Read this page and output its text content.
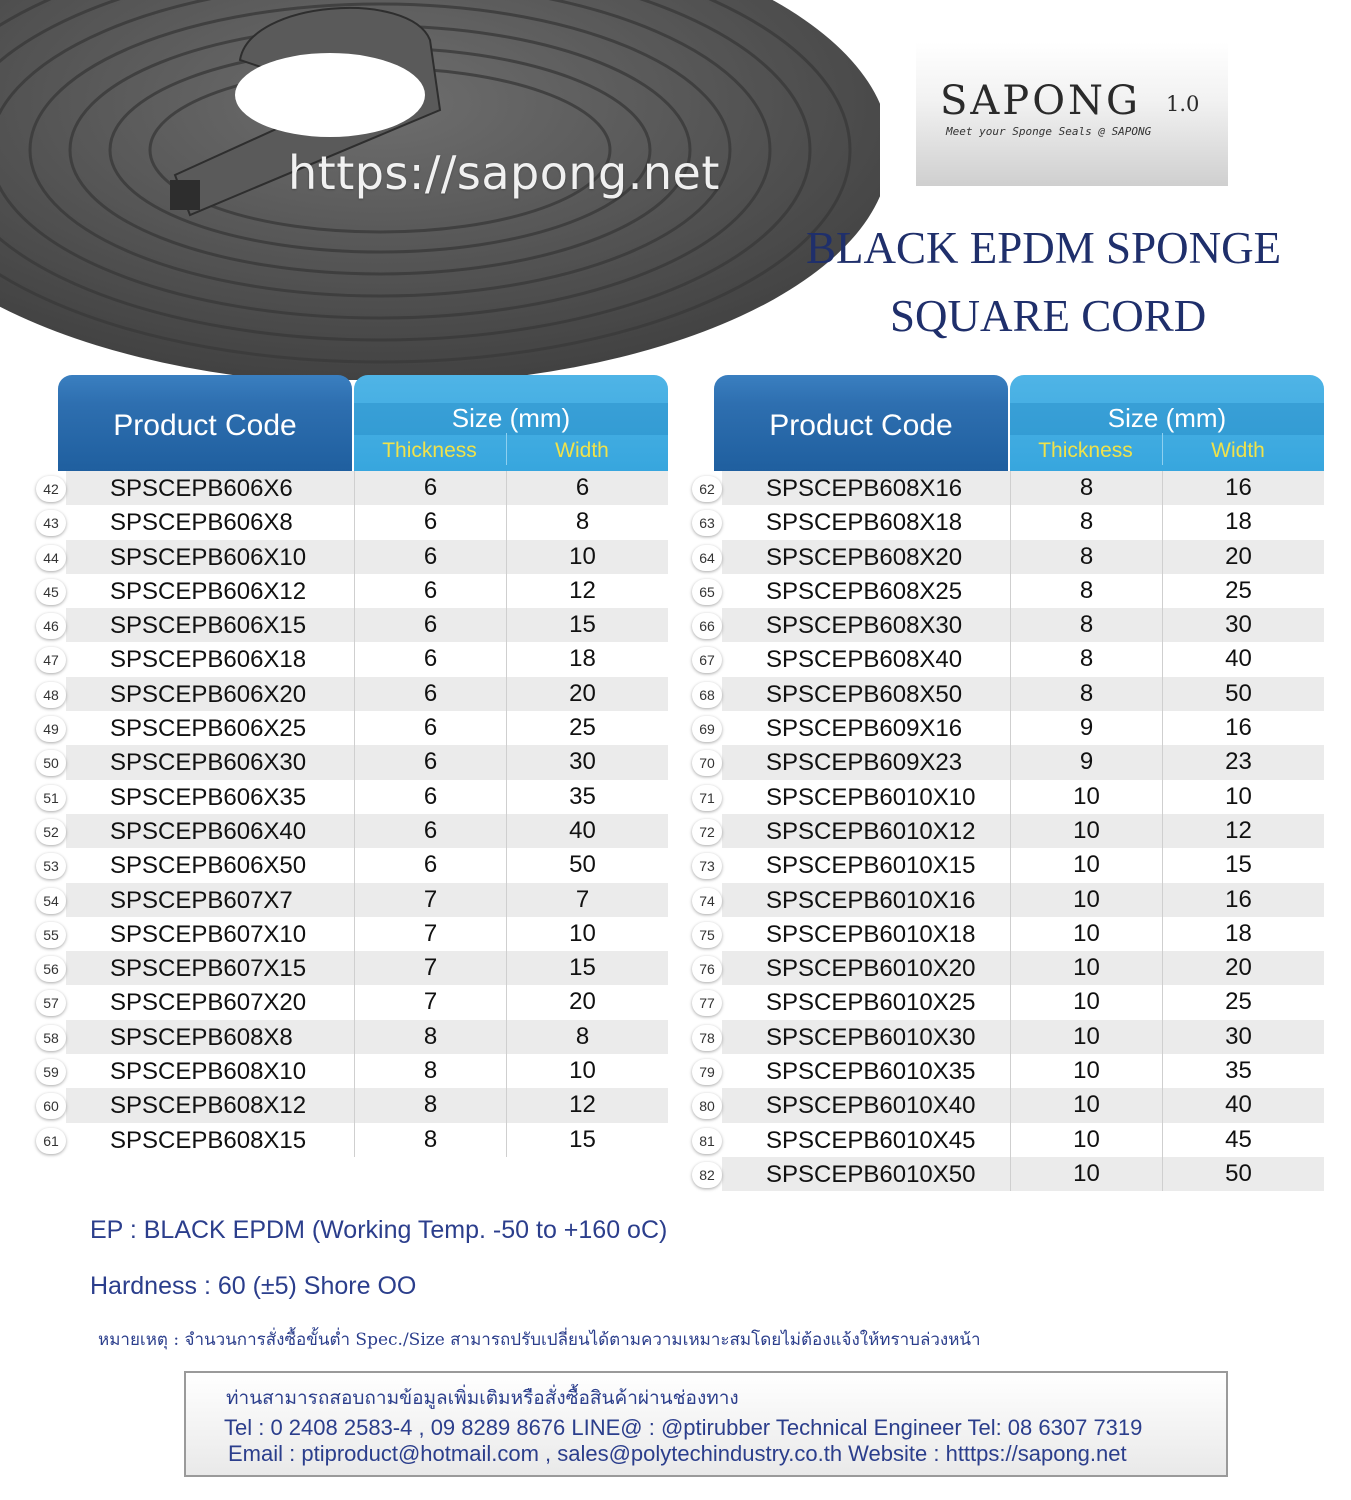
https://sapong.net
SAPONG 1.0
Meet your Sponge Seals @ SAPONG
BLACK EPDM SPONGE
SQUARE CORD
Product Code	Size (mm)
Thickness	Width
42	SPSCEPB606X6	6	6
43	SPSCEPB606X8	6	8
44	SPSCEPB606X10	6	10
45	SPSCEPB606X12	6	12
46	SPSCEPB606X15	6	15
47	SPSCEPB606X18	6	18
48	SPSCEPB606X20	6	20
49	SPSCEPB606X25	6	25
50	SPSCEPB606X30	6	30
51	SPSCEPB606X35	6	35
52	SPSCEPB606X40	6	40
53	SPSCEPB606X50	6	50
54	SPSCEPB607X7	7	7
55	SPSCEPB607X10	7	10
56	SPSCEPB607X15	7	15
57	SPSCEPB607X20	7	20
58	SPSCEPB608X8	8	8
59	SPSCEPB608X10	8	10
60	SPSCEPB608X12	8	12
61	SPSCEPB608X15	8	15
Product Code	Size (mm)
Thickness	Width
62	SPSCEPB608X16	8	16
63	SPSCEPB608X18	8	18
64	SPSCEPB608X20	8	20
65	SPSCEPB608X25	8	25
66	SPSCEPB608X30	8	30
67	SPSCEPB608X40	8	40
68	SPSCEPB608X50	8	50
69	SPSCEPB609X16	9	16
70	SPSCEPB609X23	9	23
71	SPSCEPB6010X10	10	10
72	SPSCEPB6010X12	10	12
73	SPSCEPB6010X15	10	15
74	SPSCEPB6010X16	10	16
75	SPSCEPB6010X18	10	18
76	SPSCEPB6010X20	10	20
77	SPSCEPB6010X25	10	25
78	SPSCEPB6010X30	10	30
79	SPSCEPB6010X35	10	35
80	SPSCEPB6010X40	10	40
81	SPSCEPB6010X45	10	45
82	SPSCEPB6010X50	10	50
EP : BLACK EPDM (Working Temp. -50 to +160 oC)
Hardness : 60 (±5) Shore OO
หมายเหตุ : จำนวนการสั่งซื้อขั้นต่ำ Spec./Size สามารถปรับเปลี่ยนได้ตามความเหมาะสมโดยไม่ต้องแจ้งให้ทราบล่วงหน้า
ท่านสามารถสอบถามข้อมูลเพิ่มเติมหรือสั่งซื้อสินค้าผ่านช่องทาง
Tel : 0 2408 2583-4 , 09 8289 8676 LINE@ : @ptirubber Technical Engineer Tel: 08 6307 7319
Email : ptiproduct@hotmail.com , sales@polytechindustry.co.th Website : htttps://sapong.net
